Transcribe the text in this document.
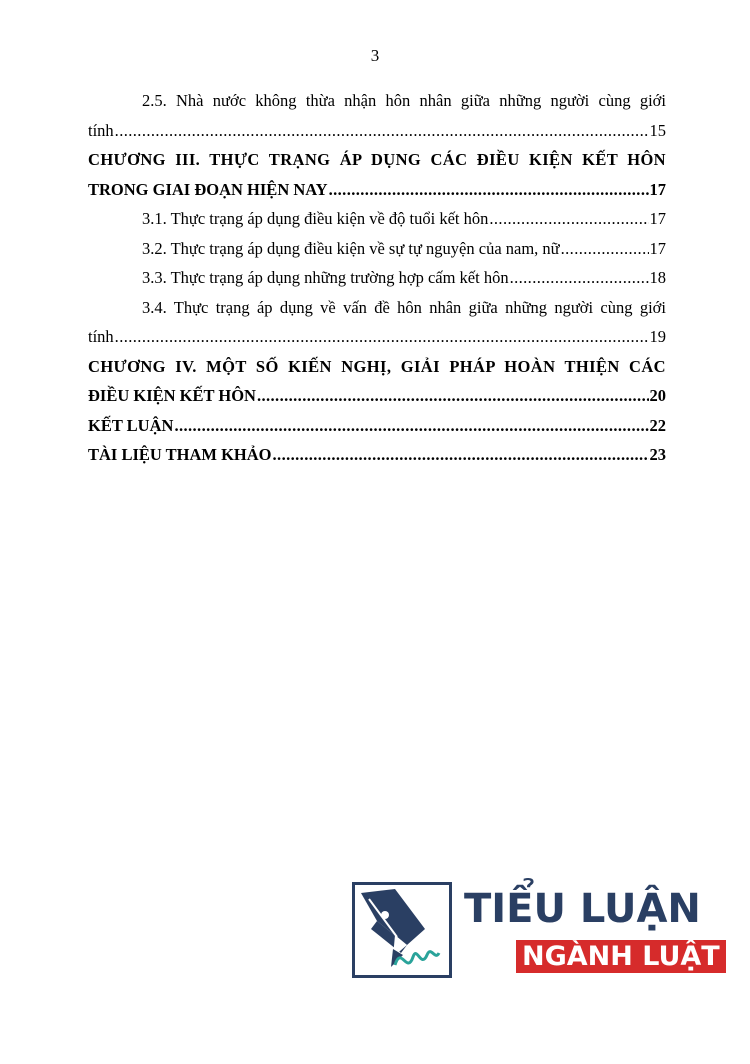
3
2.5. Nhà nước không thừa nhận hôn nhân giữa những người cùng giới
tính .....	15
CHƯƠNG III. THỰC TRẠNG ÁP DỤNG CÁC ĐIỀU KIỆN KẾT HÔN
TRONG GIAI ĐOẠN HIỆN NAY .....	17
3.1. Thực trạng áp dụng điều kiện về độ tuổi kết hôn .....	17
3.2. Thực trạng áp dụng điều kiện về sự tự nguyện của nam, nữ .....	17
3.3. Thực trạng áp dụng những trường hợp cấm kết hôn .....	18
3.4. Thực trạng áp dụng về vấn đề hôn nhân giữa những người cùng giới
tính .....	19
CHƯƠNG IV. MỘT SỐ KIẾN NGHỊ, GIẢI PHÁP HOÀN THIỆN CÁC
ĐIỀU KIỆN KẾT HÔN .....	20
KẾT LUẬN .....	22
TÀI LIỆU THAM KHẢO .....	23
TIỂU LUẬN
NGÀNH LUẬT
